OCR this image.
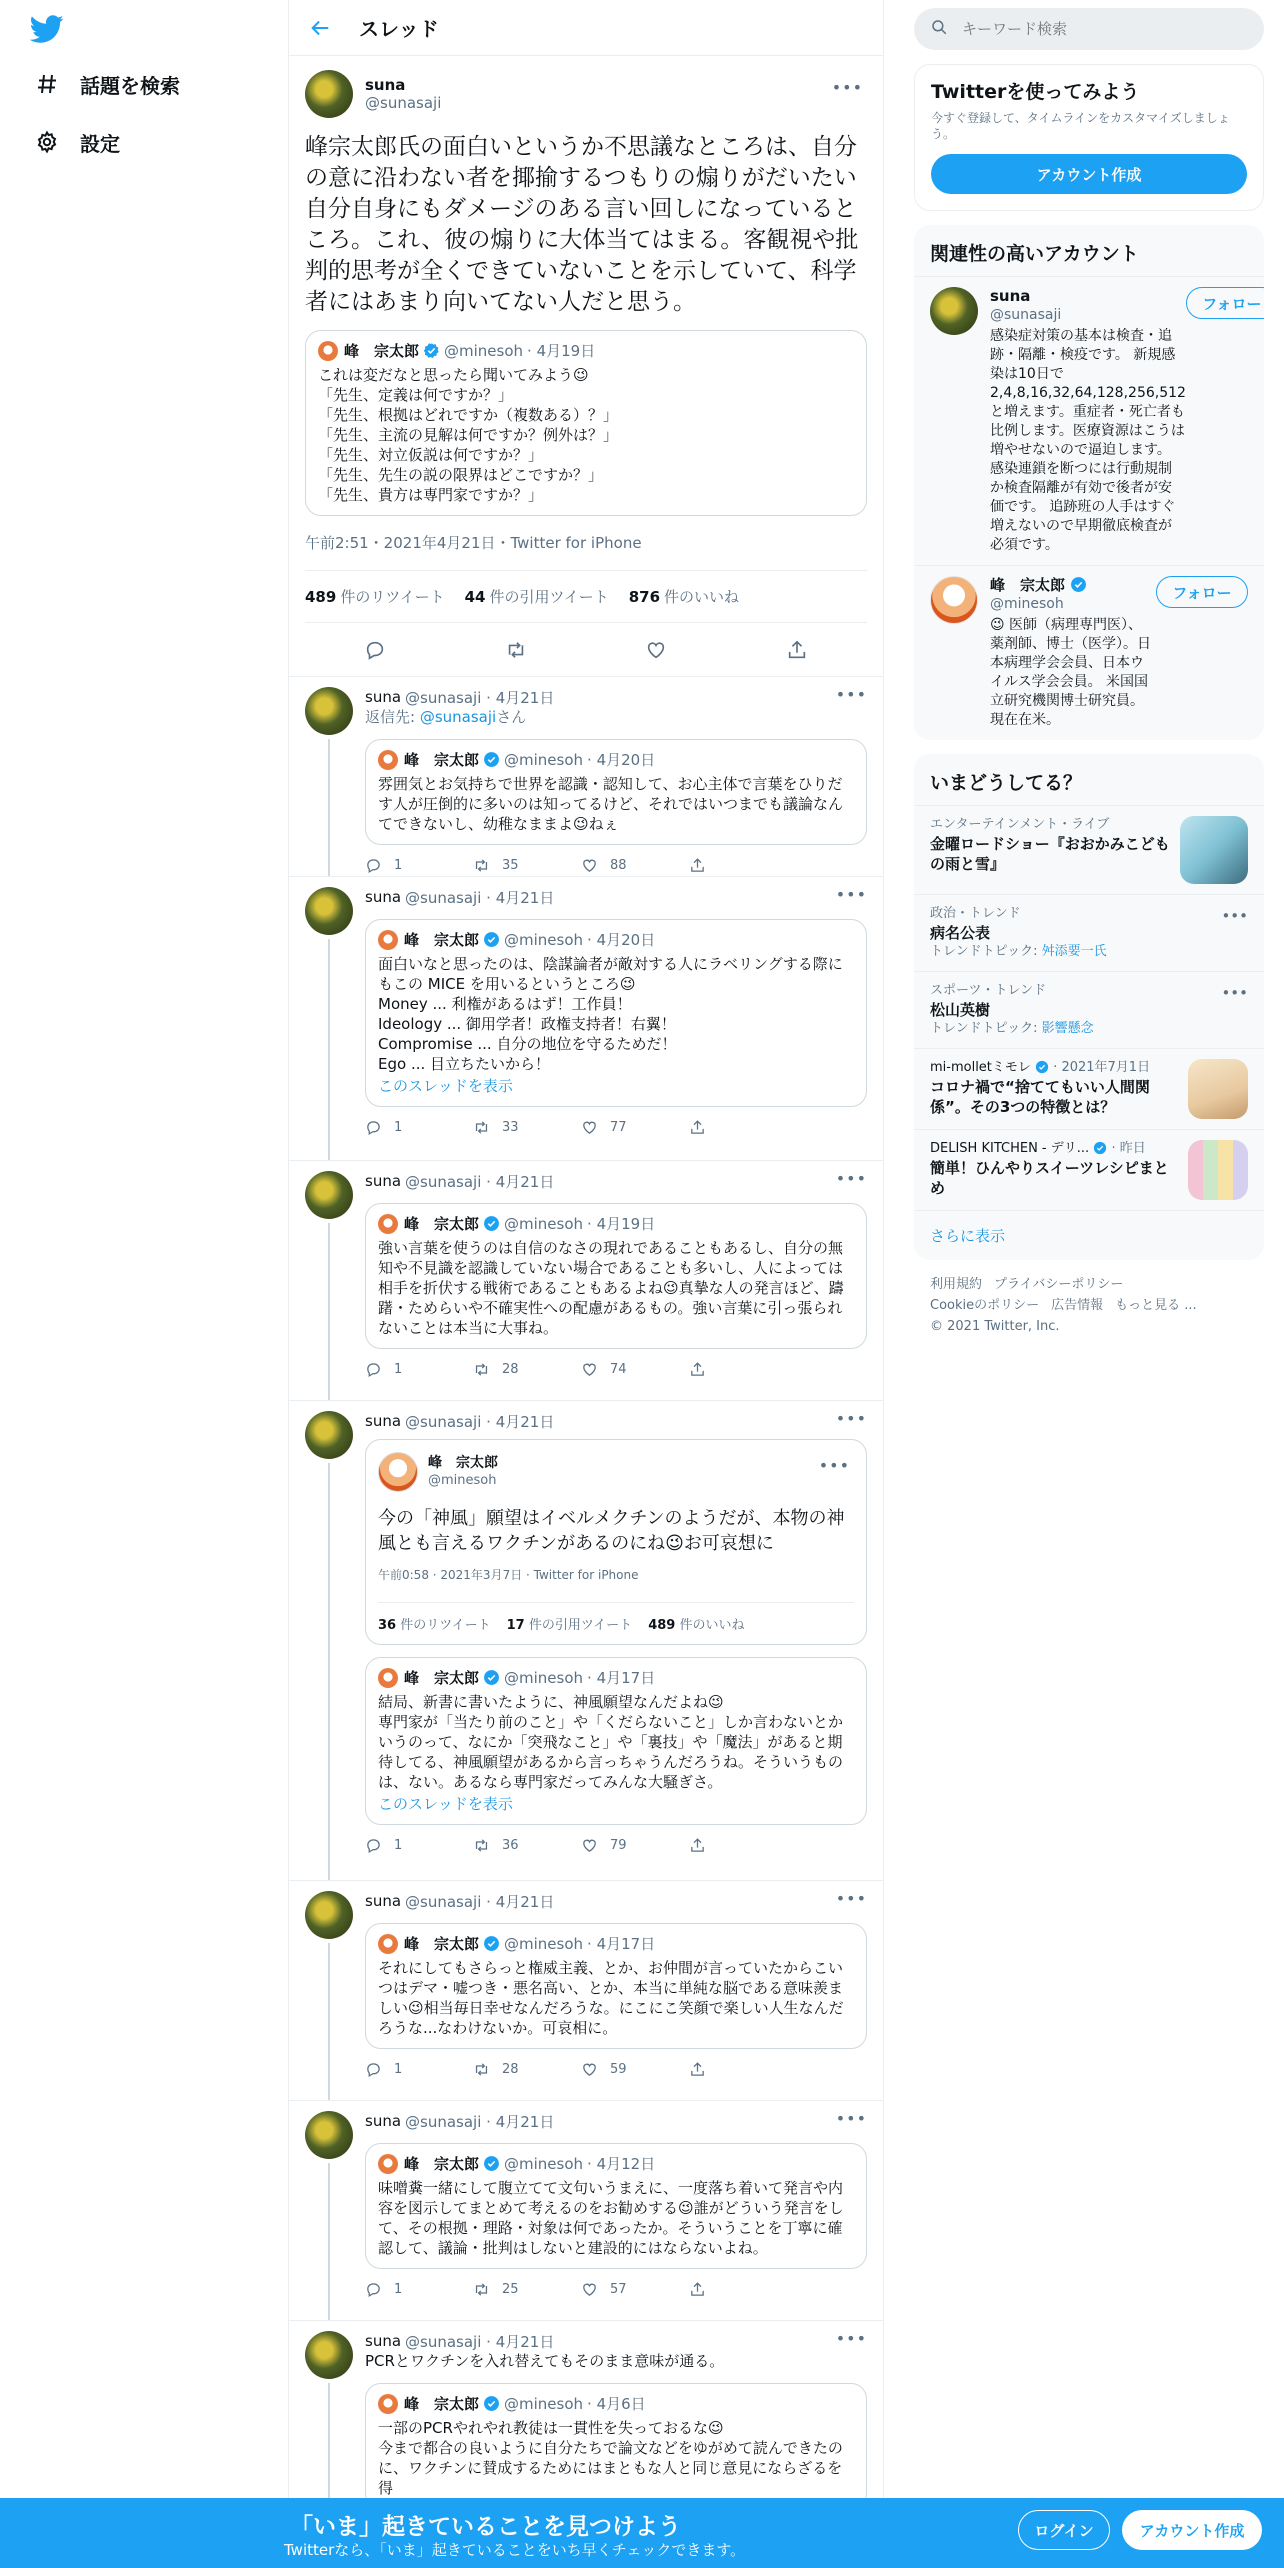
話題を検索
設定
スレッド
suna
@sunasaji
•••
峰宗太郎氏の面白いというか不思議なところは、自分の意に沿わない者を揶揄するつもりの煽りがだいたい自分自身にもダメージのある言い回しになっているところ。これ、彼の煽りに大体当てはまる。客観視や批判的思考が全くできていないことを示していて、科学者にはあまり向いてない人だと思う。
峰　宗太郎 @minesoh · 4月19日
これは変だなと思ったら聞いてみよう😉
「先生、定義は何ですか？」
「先生、根拠はどれですか（複数ある）？」
「先生、主流の見解は何ですか？例外は？」
「先生、対立仮説は何ですか？」
「先生、先生の説の限界はどこですか？」
「先生、貴方は専門家ですか？」
午前2:51・2021年4月21日・Twitter for iPhone
489 件のリツイート 44 件の引用ツイート 876 件のいいね
suna @sunasaji · 4月21日	•••
返信先: @sunasajiさん
峰　宗太郎 @minesoh · 4月20日
雰囲気とお気持ちで世界を認識・認知して、お心主体で言葉をひりだす人が圧倒的に多いのは知ってるけど、それではいつまでも議論なんてできないし、幼稚なままよ😉ねぇ
1	35	88
suna @sunasaji · 4月21日	•••
峰　宗太郎 @minesoh · 4月20日
面白いなと思ったのは、陰謀論者が敵対する人にラベリングする際にもこの MICE を用いるというところ😉
Money ... 利権があるはず！工作員！
Ideology ... 御用学者！政権支持者！右翼！
Compromise ... 自分の地位を守るためだ！
Ego ... 目立ちたいから！
このスレッドを表示
1	33	77
suna @sunasaji · 4月21日	•••
峰　宗太郎 @minesoh · 4月19日
強い言葉を使うのは自信のなさの現れであることもあるし、自分の無知や不見識を認識していない場合であることも多いし、人によっては相手を折伏する戦術であることもあるよね😉真摯な人の発言ほど、躊躇・ためらいや不確実性への配慮があるもの。強い言葉に引っ張られないことは本当に大事ね。
1	28	74
suna @sunasaji · 4月21日	•••
峰　宗太郎
@minesoh
•••
今の「神風」願望はイベルメクチンのようだが、本物の神風とも言えるワクチンがあるのにね😉お可哀想に
午前0:58 · 2021年3月7日 · Twitter for iPhone
36 件のリツイート 17 件の引用ツイート 489 件のいいね
峰　宗太郎 @minesoh · 4月17日
結局、新書に書いたように、神風願望なんだよね😉
専門家が「当たり前のこと」や「くだらないこと」しか言わないとかいうのって、なにか「突飛なこと」や「裏技」や「魔法」があると期待してる、神風願望があるから言っちゃうんだろうね。そういうものは、ない。あるなら専門家だってみんな大騒ぎさ。
このスレッドを表示
1	36	79
suna @sunasaji · 4月21日	•••
峰　宗太郎 @minesoh · 4月17日
それにしてもさらっと権威主義、とか、お仲間が言っていたからこいつはデマ・嘘つき・悪名高い、とか、本当に単純な脳である意味羨ましい😉相当毎日幸せなんだろうな。にこにこ笑顔で楽しい人生なんだろうな...なわけないか。可哀相に。
1	28	59
suna @sunasaji · 4月21日	•••
峰　宗太郎 @minesoh · 4月12日
味噌糞一緒にして腹立てて文句いうまえに、一度落ち着いて発言や内容を図示してまとめて考えるのをお勧めする😉誰がどういう発言をして、その根拠・理路・対象は何であったか。そういうことを丁寧に確認して、議論・批判はしないと建設的にはならないよね。
1	25	57
suna @sunasaji · 4月21日	•••
PCRとワクチンを入れ替えてもそのまま意味が通る。
峰　宗太郎 @minesoh · 4月6日
一部のPCRやれやれ教徒は一貫性を失っておるな😉
今まで都合の良いように自分たちで論文などをゆがめて読んできたのに、ワクチンに賛成するためにはまともな人と同じ意見にならざるを得
キーワード検索
Twitterを使ってみよう

今すぐ登録して、タイムラインをカスタマイズしましょう。

アカウント作成
関連性の高いアカウント
suna
@sunasaji
感染症対策の基本は検査・追跡・隔離・検疫です。 新規感染は10日で2,4,8,16,32,64,128,256,512と増えます。重症者・死亡者も比例します。医療資源はこうは増やせないので逼迫します。 感染連鎖を断つには行動規制か検査隔離が有効で後者が安価です。 追跡班の人手はすぐ増えないので早期徹底検査が必須です。
フォロー
峰　宗太郎
@minesoh
😉 医師（病理専門医）、薬剤師、博士（医学）。日本病理学会会員、日本ウイルス学会会員。 米国国立研究機関博士研究員。現在在米。
フォロー
いまどうしてる？
エンターテインメント・ライブ
金曜ロードショー『おおかみこどもの雨と雪』
政治・トレンド
病名公表
トレンドトピック: 舛添要一氏
•••
スポーツ・トレンド
松山英樹
トレンドトピック: 影響懸念
•••
mi-molletミモレ · 2021年7月1日
コロナ禍で“捨ててもいい人間関係”。その3つの特徴とは？
DELISH KITCHEN - デリ... · 昨日
簡単！ひんやりスイーツレシピまとめ
さらに表示
利用規約 プライバシーポリシー
Cookieのポリシー 広告情報 もっと見る ...
© 2021 Twitter, Inc.
「いま」起きていることを見つけよう
Twitterなら、「いま」起きていることをいち早くチェックできます。
ログイン	アカウント作成
